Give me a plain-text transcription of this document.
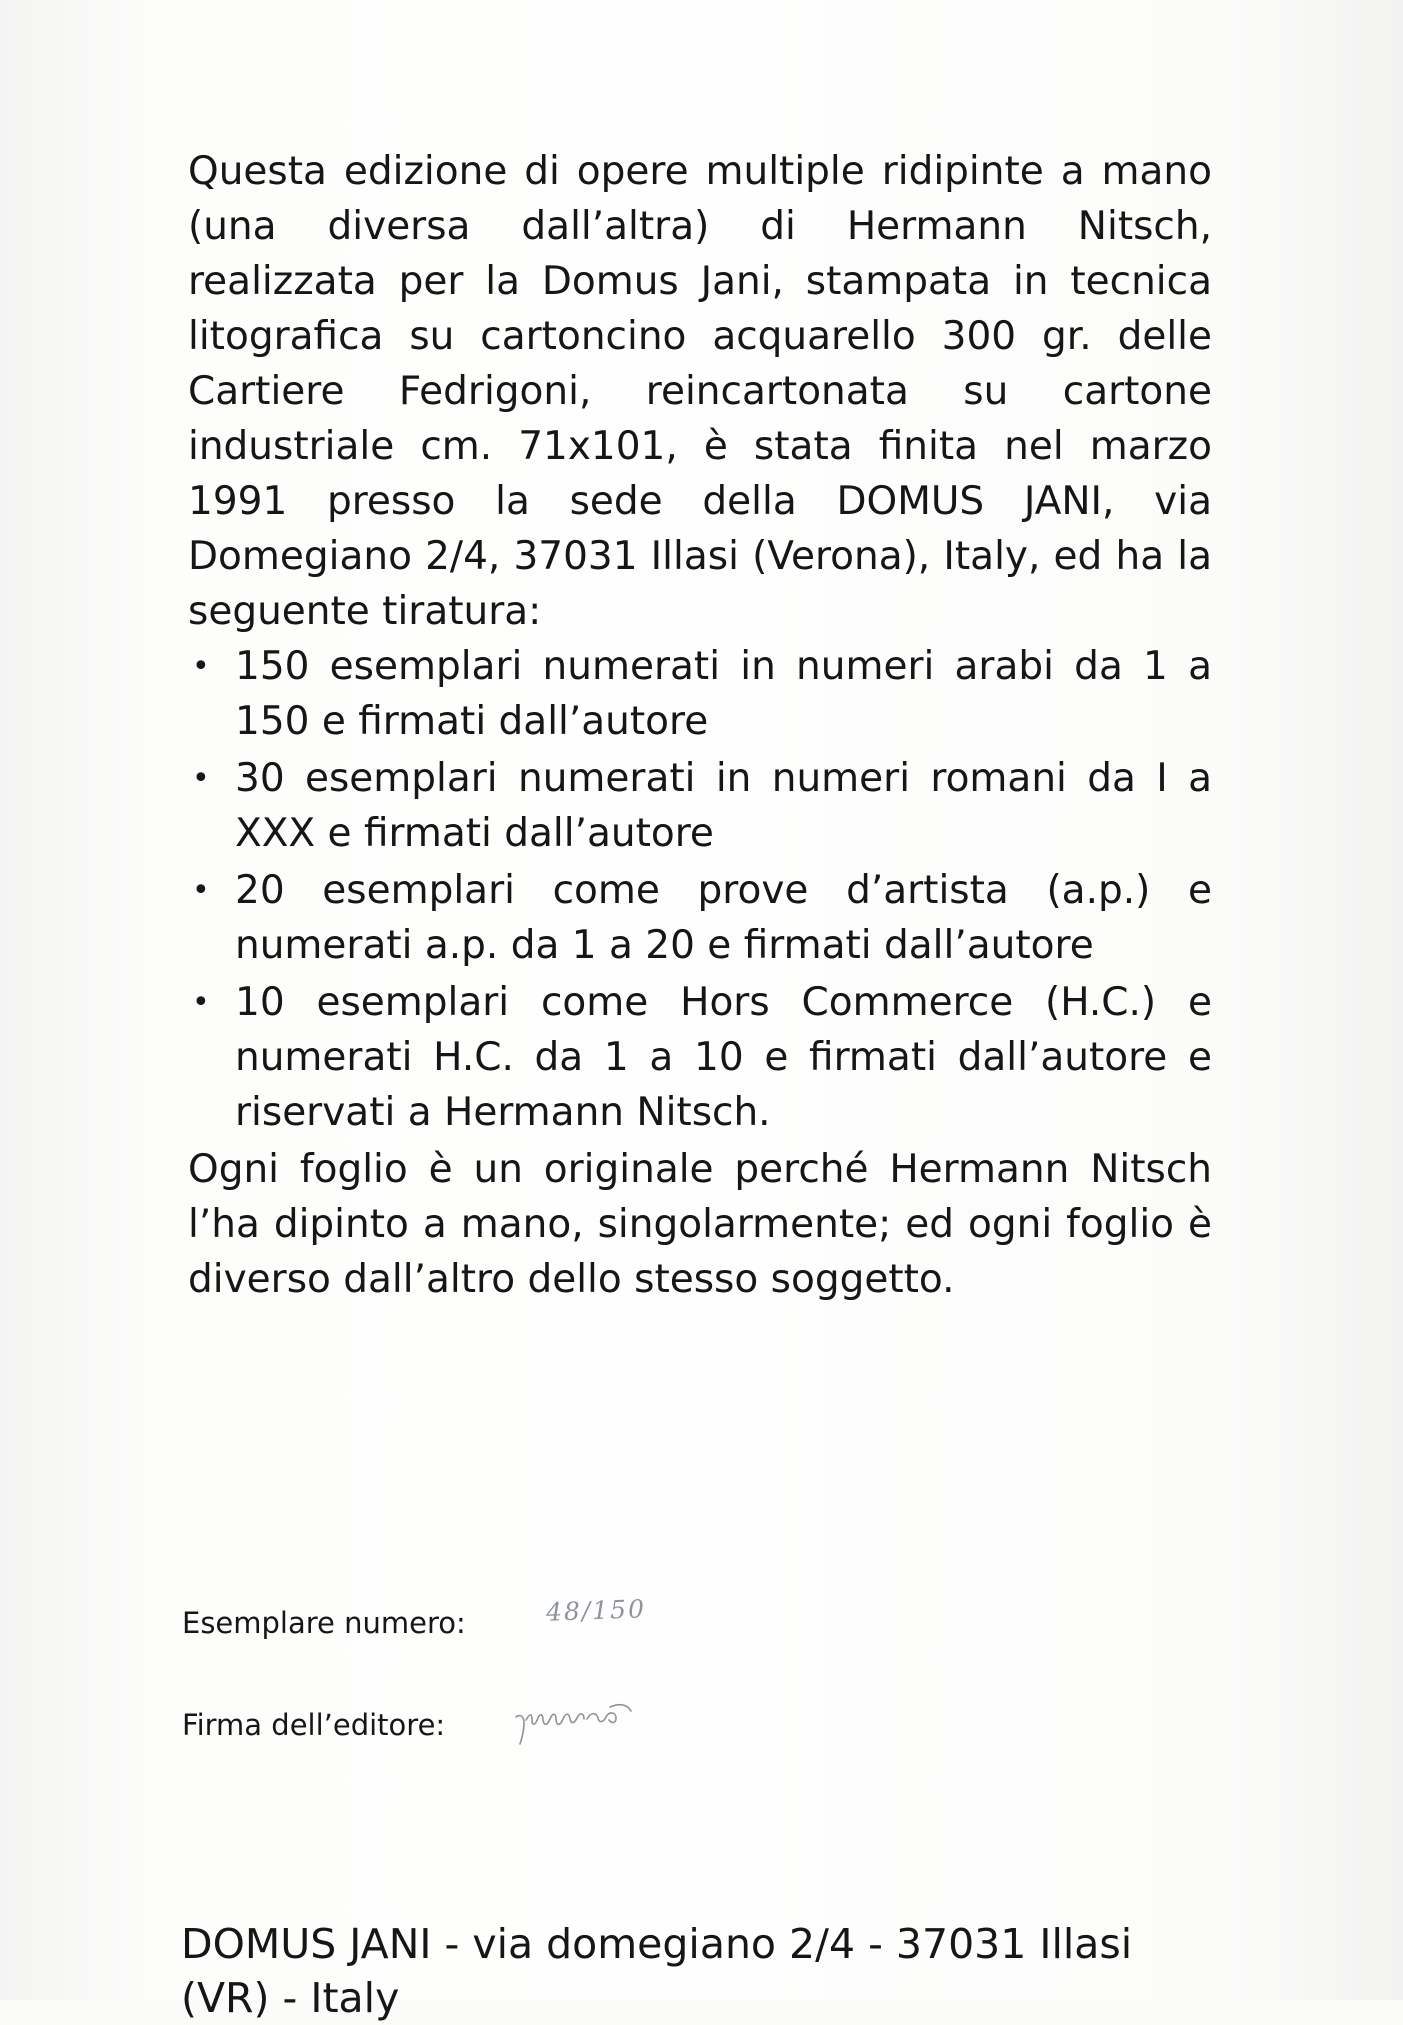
Questa edizione di opere multiple ridipinte a mano (una diversa dall’altra) di Hermann Nitsch, realizzata per la Domus Jani, stampata in tecnica litografica su cartoncino acquarello 300 gr. delle Cartiere Fedrigoni, reincartonata su cartone industriale cm. 71x101, è stata finita nel marzo 1991 presso la sede della DOMUS JANI, via Domegiano 2/4, 37031 Illasi (Verona), Italy, ed ha la seguente tiratura:

• 150 esemplari numerati in numeri arabi da 1 a 150 e firmati dall’autore
• 30 esemplari numerati in numeri romani da I a XXX e firmati dall’autore
• 20 esemplari come prove d’artista (a.p.) e numerati a.p. da 1 a 20 e firmati dall’autore
• 10 esemplari come Hors Commerce (H.C.) e numerati H.C. da 1 a 10 e firmati dall’autore e riservati a Hermann Nitsch.

Ogni foglio è un originale perché Hermann Nitsch l’ha dipinto a mano, singolarmente; ed ogni foglio è diverso dall’altro dello stesso soggetto.

Esemplare numero:	48/150
Firma dell’editore:
DOMUS JANI - via domegiano 2/4 - 37031 Illasi (VR) - Italy
